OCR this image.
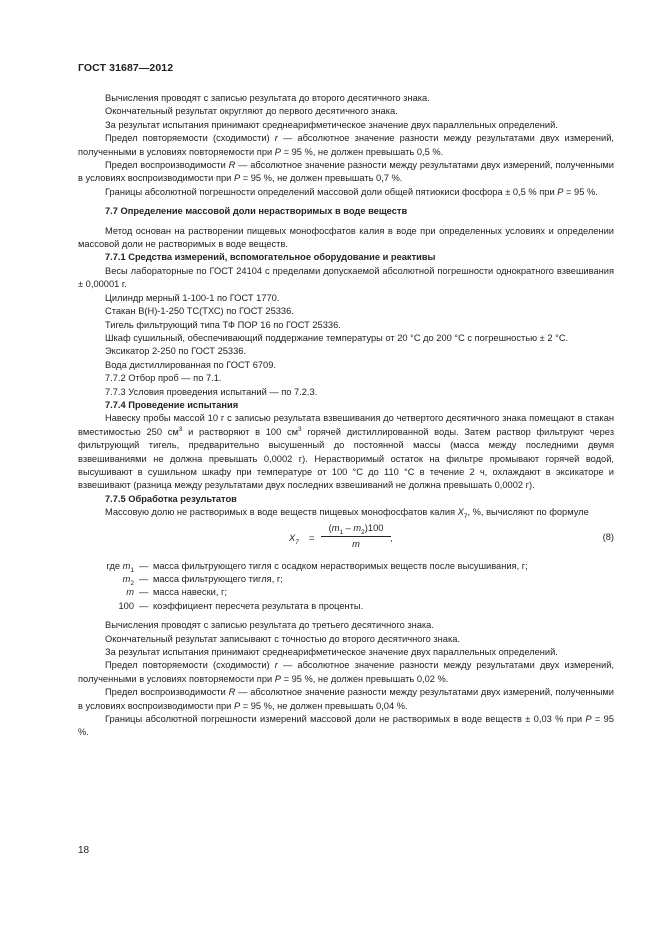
ГОСТ 31687—2012

Вычисления проводят с записью результата до второго десятичного знака.

Окончательный результат округляют до первого десятичного знака.

За результат испытания принимают среднеарифметическое значение двух параллельных определений.

Предел повторяемости (сходимости) r — абсолютное значение разности между результатами двух измерений, полученными в условиях повторяемости при P = 95 %, не должен превышать 0,5 %.

Предел воспроизводимости R — абсолютное значение разности между результатами двух измерений, полученными в условиях воспроизводимости при P = 95 %, не должен превышать 0,7 %.

Границы абсолютной погрешности определений массовой доли общей пятиокиси фосфора ± 0,5 % при P = 95 %.

7.7 Определение массовой доли нерастворимых в воде веществ

Метод основан на растворении пищевых монофосфатов калия в воде при определенных условиях и определении массовой доли не растворимых в воде веществ.

7.7.1 Средства измерений, вспомогательное оборудование и реактивы

Весы лабораторные по ГОСТ 24104 с пределами допускаемой абсолютной погрешности однократного взвешивания ± 0,00001 г.

Цилиндр мерный 1-100-1 по ГОСТ 1770.

Стакан В(Н)-1-250 ТС(ТХС) по ГОСТ 25336.

Тигель фильтрующий типа ТФ ПОР 16 по ГОСТ 25336.

Шкаф сушильный, обеспечивающий поддержание температуры от 20 °С до 200 °С с погрешностью ± 2 °С.

Эксикатор 2-250 по ГОСТ 25336.

Вода дистиллированная по ГОСТ 6709.

7.7.2 Отбор проб — по 7.1.

7.7.3 Условия проведения испытаний — по 7.2.3.

7.7.4 Проведение испытания

Навеску пробы массой 10 г с записью результата взвешивания до четвертого десятичного знака помещают в стакан вместимостью 250 $см^3$ и растворяют в 100 $см^3$ горячей дистиллированной воды. Затем раствор фильтруют через фильтрующий тигель, предварительно высушенный до постоянной массы (масса между последними двумя взвешиваниями не должна превышать 0,0002 г). Нерастворимый остаток на фильтре промывают горячей водой, высушивают в сушильном шкафу при температуре от 100 °С до 110 °С в течение 2 ч, охлаждают в эксикаторе и взвешивают (разница между результатами двух последних взвешиваний не должна превышать 0,0002 г).

7.7.5 Обработка результатов

Массовую долю не растворимых в воде веществ пищевых монофосфатов калия $X_7$, %, вычисляют по формуле

$X_7 = \frac{(m_1 - m_2)100}{m}$ ,	(8)
где $m_1$ — масса фильтрующего тигля с осадком нерастворимых веществ после высушивания, г;
$m_2$ — масса фильтрующего тигля, г;
m — масса навески, г;
100 — коэффициент пересчета результата в проценты.

Вычисления проводят с записью результата до третьего десятичного знака.

Окончательный результат записывают с точностью до второго десятичного знака.

За результат испытания принимают среднеарифметическое значение двух параллельных определений.

Предел повторяемости (сходимости) r — абсолютное значение разности между результатами двух измерений, полученными в условиях повторяемости при P = 95 %, не должен превышать 0,02 %.

Предел воспроизводимости R — абсолютное значение разности между результатами двух измерений, полученными в условиях воспроизводимости при P = 95 %, не должен превышать 0,04 %.

Границы абсолютной погрешности измерений массовой доли не растворимых в воде веществ ± 0,03 % при P = 95 %.

18
